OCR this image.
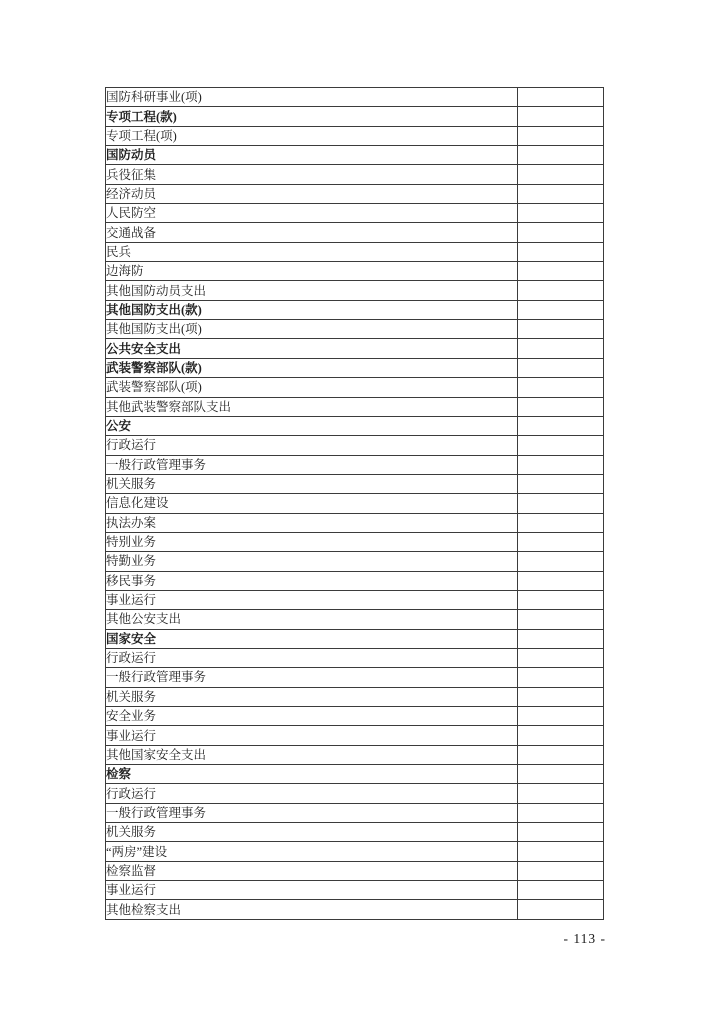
国防科研事业(项)	
专项工程(款)	
专项工程(项)	
国防动员	
兵役征集	
经济动员	
人民防空	
交通战备	
民兵	
边海防	
其他国防动员支出	
其他国防支出(款)	
其他国防支出(项)	
公共安全支出	
武装警察部队(款)	
武装警察部队(项)	
其他武装警察部队支出	
公安	
行政运行	
一般行政管理事务	
机关服务	
信息化建设	
执法办案	
特别业务	
特勤业务	
移民事务	
事业运行	
其他公安支出	
国家安全	
行政运行	
一般行政管理事务	
机关服务	
安全业务	
事业运行	
其他国家安全支出	
检察	
行政运行	
一般行政管理事务	
机关服务	
“两房”建设	
检察监督	
事业运行	
其他检察支出	
- 113 -
